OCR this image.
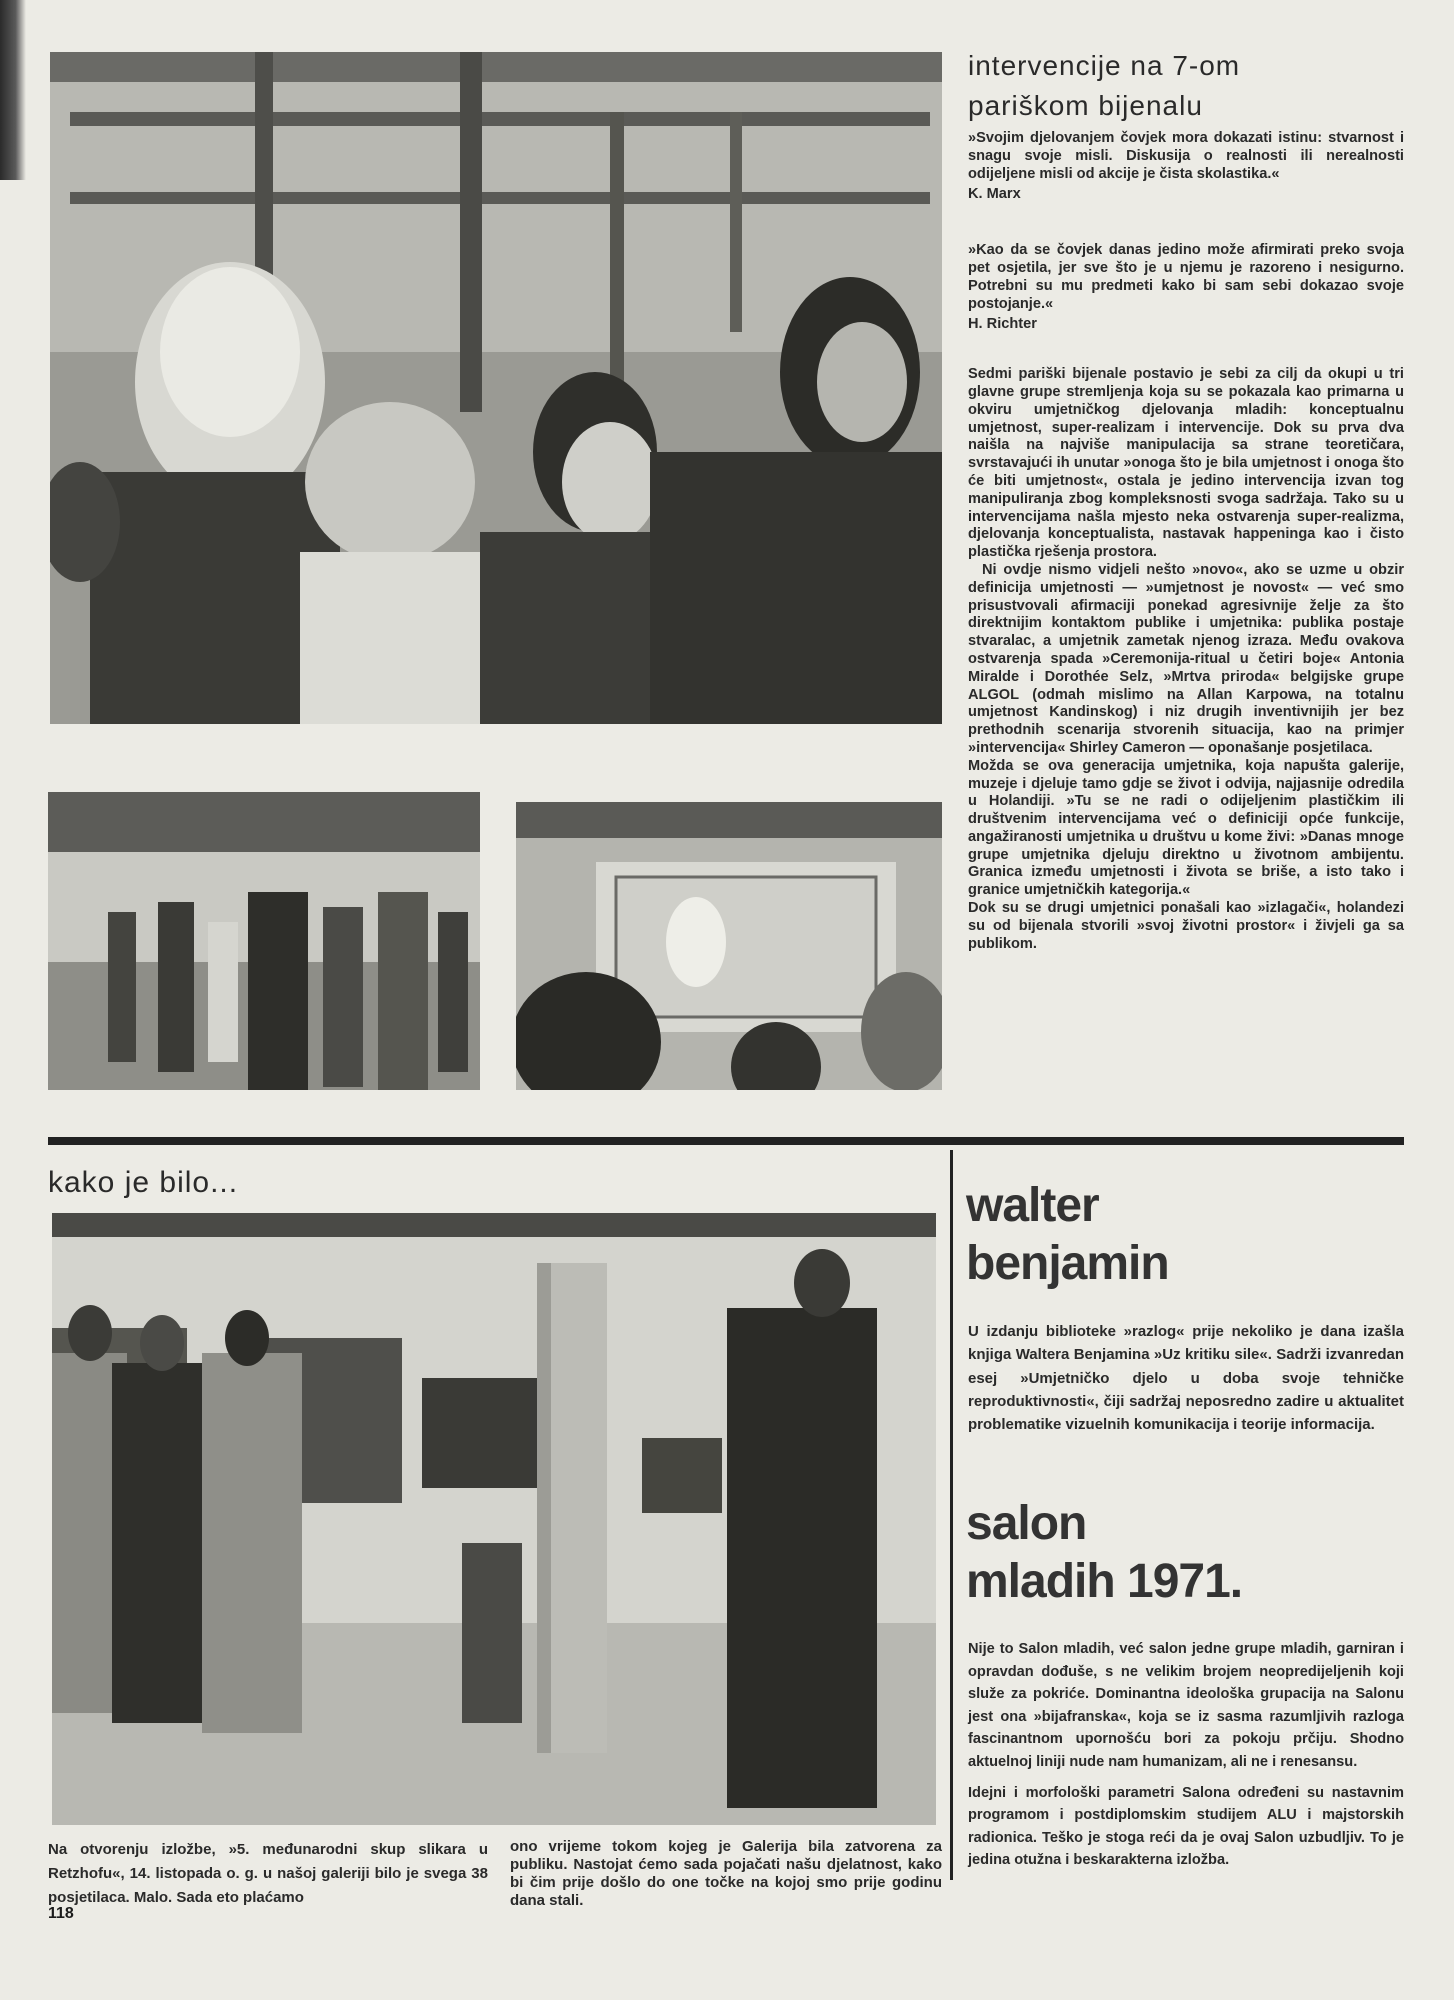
intervencije na 7-om
pariškom bijenalu

»Svojim djelovanjem čovjek mora dokazati istinu: stvarnost i snagu svoje misli. Diskusija o realnosti ili nerealnosti odijeljene misli od akcije je čista skolastika.«
K. Marx

»Kao da se čovjek danas jedino može afirmirati preko svoja pet osjetila, jer sve što je u njemu je razoreno i nesigurno. Potrebni su mu predmeti kako bi sam sebi dokazao svoje postojanje.«
H. Richter

Sedmi pariški bijenale postavio je sebi za cilj da okupi u tri glavne grupe stremljenja koja su se pokazala kao primarna u okviru umjetničkog djelovanja mladih: konceptualnu umjetnost, super-realizam i intervencije. Dok su prva dva naišla na najviše manipulacija sa strane teoretičara, svrstavajući ih unutar »onoga što je bila umjetnost i onoga što će biti umjetnost«, ostala je jedino intervencija izvan tog manipuliranja zbog kompleksnosti svoga sadržaja. Tako su u intervencijama našla mjesto neka ostvarenja super-realizma, djelovanja konceptualista, nastavak happeninga kao i čisto plastička rješenja prostora.

Ni ovdje nismo vidjeli nešto »novo«, ako se uzme u obzir definicija umjetnosti — »umjetnost je novost« — već smo prisustvovali afirmaciji ponekad agresivnije želje za što direktnijim kontaktom publike i umjetnika: publika postaje stvaralac, a umjetnik zametak njenog izraza. Među ovakova ostvarenja spada »Ceremonija-ritual u četiri boje« Antonia Miralde i Dorothée Selz, »Mrtva priroda« belgijske grupe ALGOL (odmah mislimo na Allan Karpowa, na totalnu umjetnost Kandinskog) i niz drugih inventivnijih jer bez prethodnih scenarija stvorenih situacija, kao na primjer »intervencija« Shirley Cameron — oponašanje posjetilaca.

Možda se ova generacija umjetnika, koja napušta galerije, muzeje i djeluje tamo gdje se život i odvija, najjasnije odredila u Holandiji. »Tu se ne radi o odijeljenim plastičkim ili društvenim intervencijama već o definiciji opće funkcije, angažiranosti umjetnika u društvu u kome živi: »Danas mnoge grupe umjetnika djeluju direktno u životnom ambijentu. Granica između umjetnosti i života se briše, a isto tako i granice umjetničkih kategorija.«

Dok su se drugi umjetnici ponašali kao »izlagači«, holandezi su od bijenala stvorili »svoj životni prostor« i živjeli ga sa publikom.

kako je bilo...

Na otvorenju izložbe, »5. međunarodni skup slikara u Retzhofu«, 14. listopada o. g. u našoj galeriji bilo je svega 38 posjetilaca. Malo. Sada eto plaćamo

ono vrijeme tokom kojeg je Galerija bila zatvorena za publiku. Nastojat ćemo sada pojačati našu djelatnost, kako bi čim prije došlo do one točke na kojoj smo prije godinu dana stali.

walter
benjamin

U izdanju biblioteke »razlog« prije nekoliko je dana izašla knjiga Waltera Benjamina »Uz kritiku sile«. Sadrži izvanredan esej »Umjetničko djelo u doba svoje tehničke reproduktivnosti«, čiji sadržaj neposredno zadire u aktualitet problematike vizuelnih komunikacija i teorije informacija.

salon
mladih 1971.

Nije to Salon mladih, već salon jedne grupe mladih, garniran i opravdan dođuše, s ne velikim brojem neopredijeljenih koji služe za pokriće. Dominantna ideološka grupacija na Salonu jest ona »bijafranska«, koja se iz sasma razumljivih razloga fascinantnom upornošću bori za pokoju prčiju. Shodno aktuelnoj liniji nude nam humanizam, ali ne i renesansu.

Idejni i morfološki parametri Salona određeni su nastavnim programom i postdiplomskim studijem ALU i majstorskih radionica. Teško je stoga reći da je ovaj Salon uzbudljiv. To je jedina otužna i beskarakterna izložba.

118
